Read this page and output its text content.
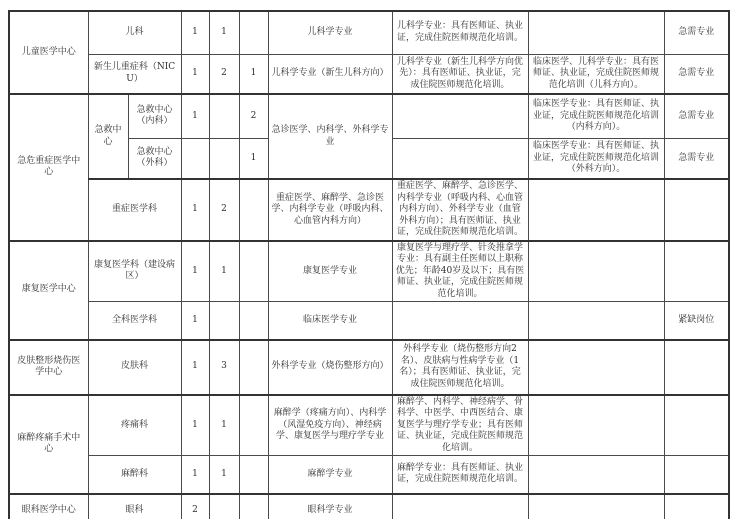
儿童医学中心	儿科		1	1		儿科学专业	儿科学专业：具有医师证、执业证，完成住院医师规范化培训。		急需专业
	新生儿重症科（NICU）		1	2	1	儿科学专业（新生儿科方向）	儿科学专业（新生儿科学方向优先）：具有医师证、执业证，完成住院医师规范化培训。	临床医学、儿科学专业：具有医师证、执业证，完成住院医师规范化培训（儿科方向）。	急需专业
急危重症医学中心	急救中心	急救中心（内科）	1		2	急诊医学、内科学、外科学专业		临床医学专业：具有医师证、执业证，完成住院医师规范化培训（内科方向）。	急需专业
		急救中心（外科）			1			临床医学专业：具有医师证、执业证，完成住院医师规范化培训（外科方向）。	急需专业
	重症医学科		1	2		重症医学、麻醉学、急诊医学、内科学专业（呼吸内科、心血管内科方向）	重症医学、麻醉学、急诊医学、内科学专业（呼吸内科、心血管内科方向）、外科学专业（血管外科方向）；具有医师证、执业证，完成住院医师规范化培训。		
康复医学中心	康复医学科（建设病区）		1	1		康复医学专业	康复医学与理疗学、针灸推拿学专业：具有副主任医师以上职称优先；年龄40岁及以下；具有医师证、执业证，完成住院医师规范化培训。		
	全科医学科		1			临床医学专业			紧缺岗位
皮肤整形烧伤医学中心	皮肤科		1	3		外科学专业（烧伤整形方向）	外科学专业（烧伤整形方向2名）、皮肤病与性病学专业（1名）；具有医师证、执业证，完成住院医师规范化培训。		
麻醉疼痛手术中心	疼痛科		1	1		麻醉学（疼痛方向）、内科学（风湿免疫方向）、神经病学、康复医学与理疗学专业	麻醉学、内科学、神经病学、骨科学、中医学、中西医结合、康复医学与理疗学专业；具有医师证、执业证，完成住院医师规范化培训。		
	麻醉科		1	1		麻醉学专业	麻醉学专业：具有医师证、执业证，完成住院医师规范化培训。		
眼科医学中心	眼科		2			眼科学专业			
